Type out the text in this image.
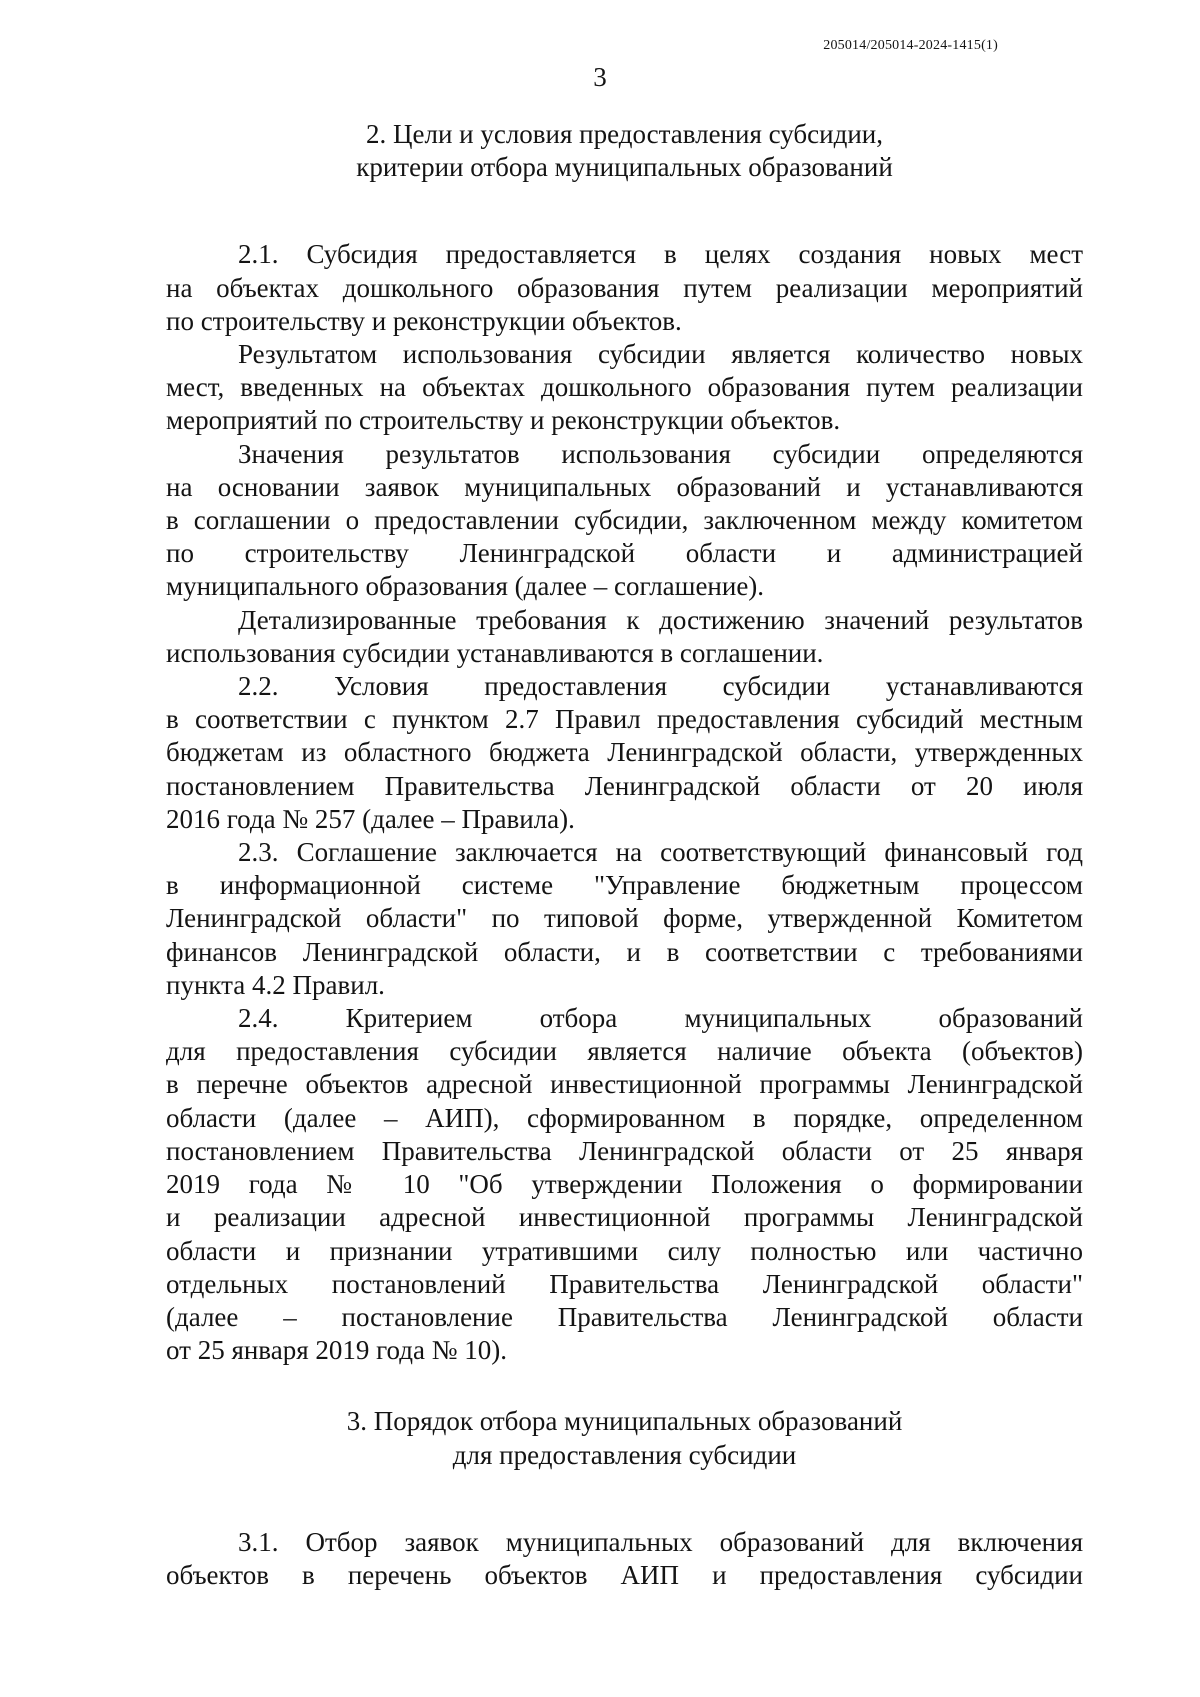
205014/205014-2024-1415(1)
3
2. Цели и условия предоставления субсидии,
критерии отбора муниципальных образований

2.1. Субсидия предоставляется в целях создания новых мест
на объектах дошкольного образования путем реализации мероприятий
по строительству и реконструкции объектов.

Результатом использования субсидии является количество новых
мест, введенных на объектах дошкольного образования путем реализации
мероприятий по строительству и реконструкции объектов.

Значения результатов использования субсидии определяются
на основании заявок муниципальных образований и устанавливаются
в соглашении о предоставлении субсидии, заключенном между комитетом
по строительству Ленинградской области и администрацией
муниципального образования (далее – соглашение).

Детализированные требования к достижению значений результатов
использования субсидии устанавливаются в соглашении.

2.2. Условия предоставления субсидии устанавливаются
в соответствии с пунктом 2.7 Правил предоставления субсидий местным
бюджетам из областного бюджета Ленинградской области, утвержденных
постановлением Правительства Ленинградской области от 20 июля
2016 года № 257 (далее – Правила).

2.3. Соглашение заключается на соответствующий финансовый год
в информационной системе "Управление бюджетным процессом
Ленинградской области" по типовой форме, утвержденной Комитетом
финансов Ленинградской области, и в соответствии с требованиями
пункта 4.2 Правил.

2.4. Критерием отбора муниципальных образований
для предоставления субсидии является наличие объекта (объектов)
в перечне объектов адресной инвестиционной программы Ленинградской
области (далее – АИП), сформированном в порядке, определенном
постановлением Правительства Ленинградской области от 25 января
2019 года № 10 "Об утверждении Положения о формировании
и реализации адресной инвестиционной программы Ленинградской
области и признании утратившими силу полностью или частично
отдельных постановлений Правительства Ленинградской области"
(далее – постановление Правительства Ленинградской области
от 25 января 2019 года № 10).

3. Порядок отбора муниципальных образований
для предоставления субсидии

3.1. Отбор заявок муниципальных образований для включения
объектов в перечень объектов АИП и предоставления субсидии
